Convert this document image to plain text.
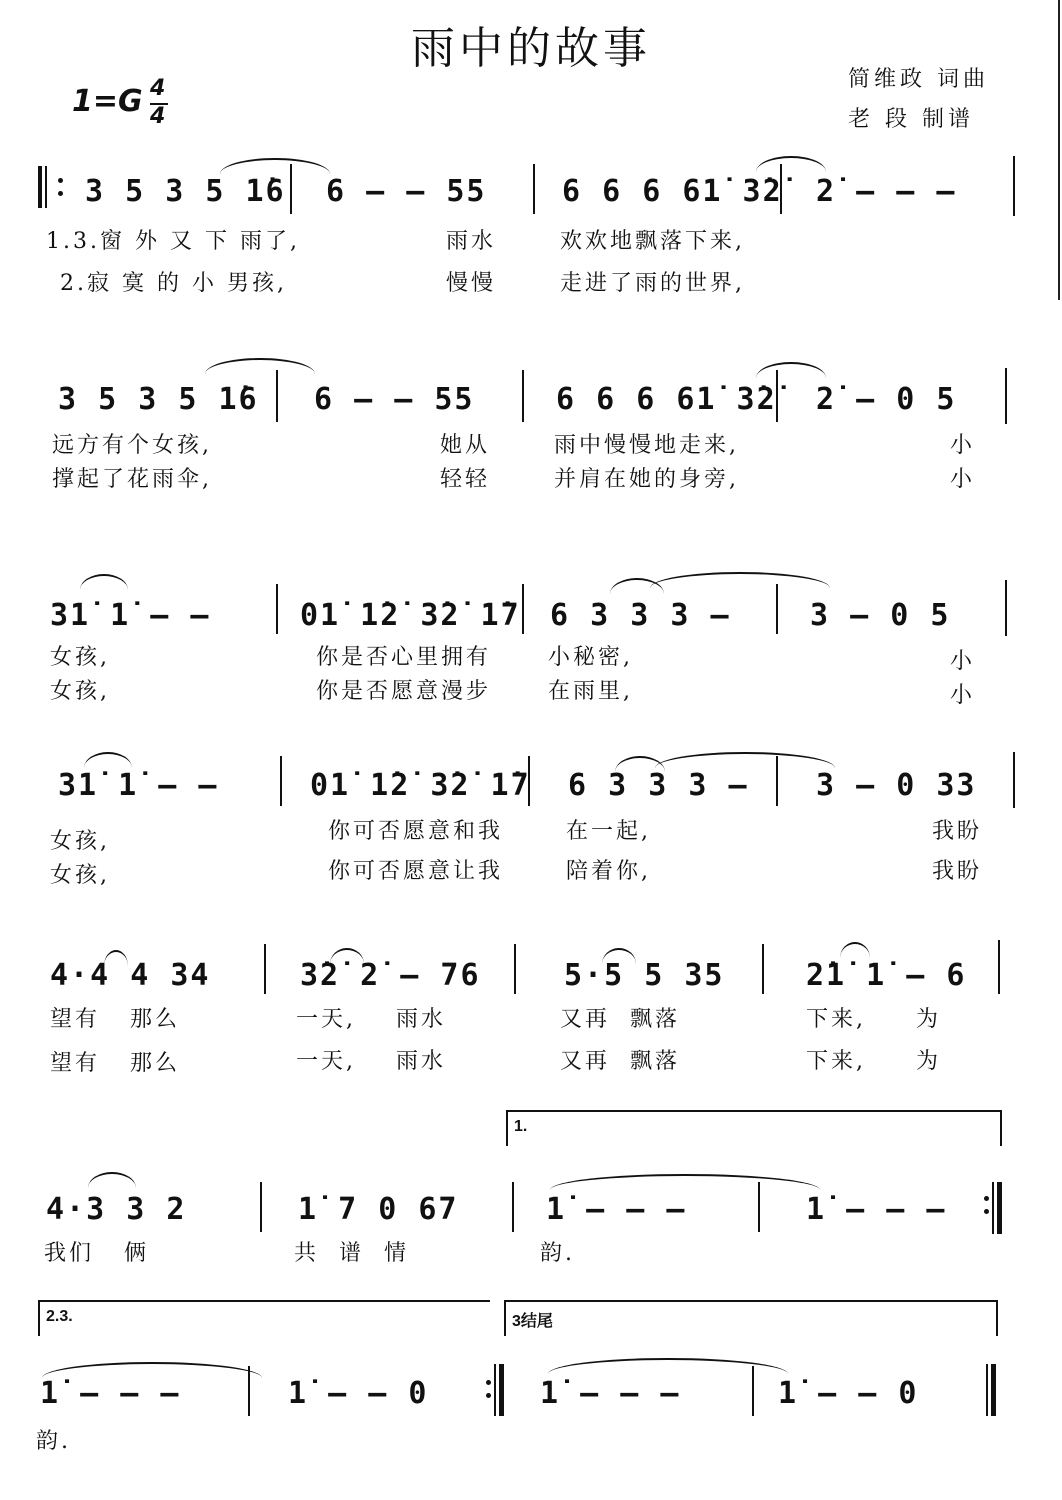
雨中的故事
简维政 词曲
老 段 制谱
1=G 4
4
3 5 3 5 1̇6 6 — — 55	6 6 6 61̇ 3̇2̇ 2̇ — — —
1.3.窗 外 又 下 雨了,	雨水	欢欢地飘落下来,
2.寂 寞 的 小 男孩,	慢慢	走进了雨的世界,
3 5 3 5 1̇6 6 — — 55	6 6 6 61̇ 3̇2̇ 2̇ — 0 5
远方有个女孩,	她从	雨中慢慢地走来,	小
撑起了花雨伞,	轻轻	并肩在她的身旁,	小
31̇ 1̇ — —	01̇ 1̇2̇ 3̇2̇ 1̇7 6 3 3 3 —	3 — 0 5
女孩,	你是否心里拥有	小秘密,	小
女孩,	你是否愿意漫步	在雨里,	小
31̇ 1̇ — —	01̇ 1̇2̇ 3̇2̇ 1̇7 6 3 3 3 — 3 — 0 33
女孩,	你可否愿意和我	在一起,	我盼
女孩,	你可否愿意让我	陪着你,	我盼
4·4 4 34	3̇2̇ 2̇ — 76	5·5 5 35	2̇1̇ 1̇ — 6
望有   那么	一天,    雨水	又再  飘落	下来,     为
望有   那么	一天,    雨水	又再  飘落	下来,     为
1.
4·3 3 2	1̇ 7 0 67	1̇ — — —	1̇ — — —
我们   俩	共  谱  情	韵.
2.3.	3结尾
1̇ — — —	1̇ — — 0	1̇ — — —	1̇ — — 0
韵.
